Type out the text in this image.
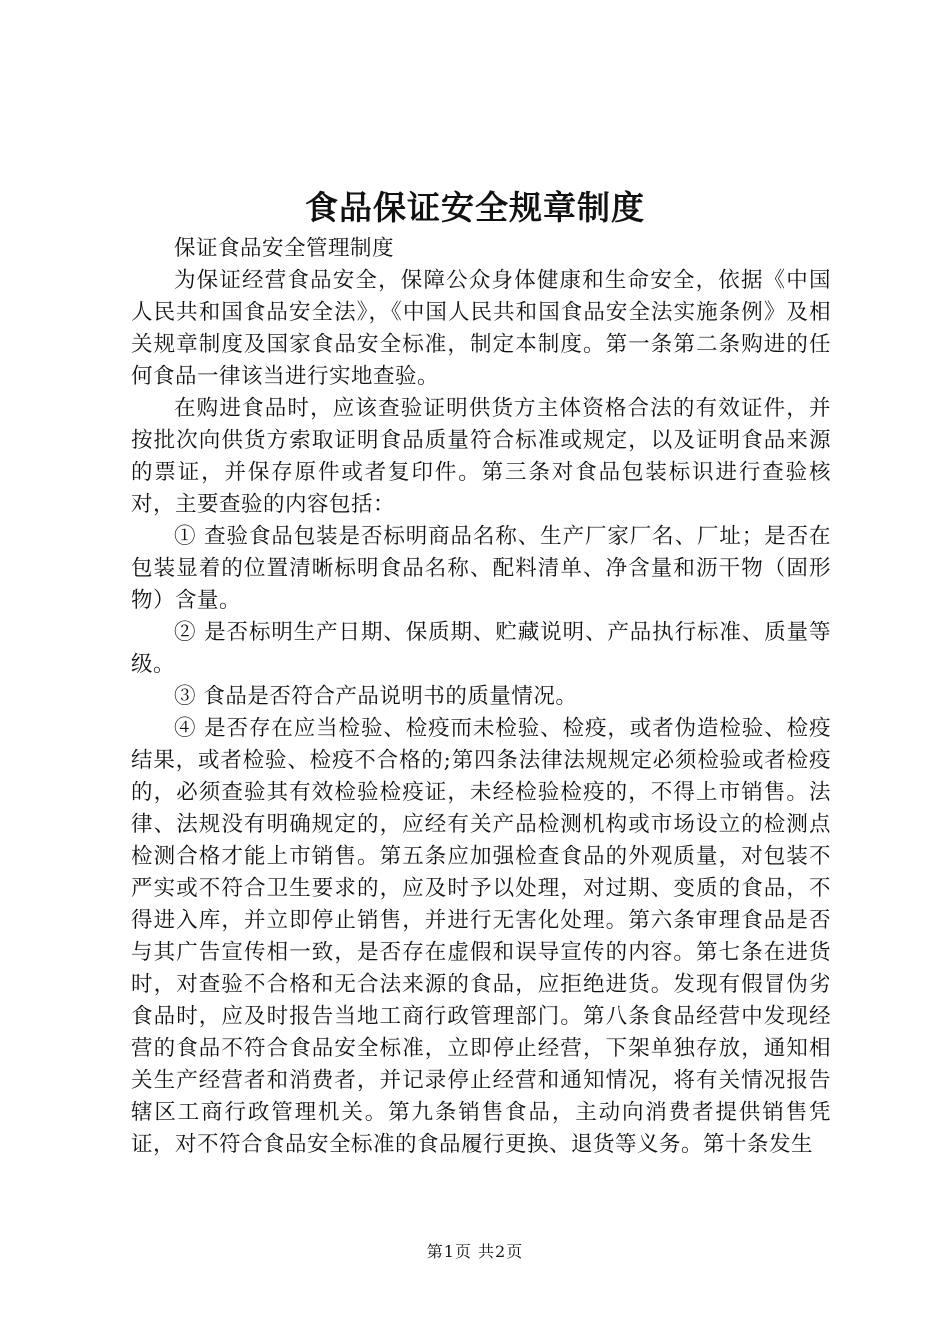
食品保证安全规章制度

保证食品安全管理制度

为保证经营食品安全，保障公众身体健康和生命安全，依据《中国人民共和国食品安全法》，《中国人民共和国食品安全法实施条例》及相关规章制度及国家食品安全标准，制定本制度。第一条第二条购进的任何食品一律该当进行实地查验。

在购进食品时，应该查验证明供货方主体资格合法的有效证件，并按批次向供货方索取证明食品质量符合标准或规定，以及证明食品来源的票证，并保存原件或者复印件。第三条对食品包装标识进行查验核对，主要查验的内容包括：

① 查验食品包装是否标明商品名称、生产厂家厂名、厂址；是否在包装显着的位置清晰标明食品名称、配料清单、净含量和沥干物（固形物）含量。

② 是否标明生产日期、保质期、贮藏说明、产品执行标准、质量等级。

③ 食品是否符合产品说明书的质量情况。

④ 是否存在应当检验、检疫而未检验、检疫，或者伪造检验、检疫结果，或者检验、检疫不合格的;第四条法律法规规定必须检验或者检疫的，必须查验其有效检验检疫证，未经检验检疫的，不得上市销售。法律、法规没有明确规定的，应经有关产品检测机构或市场设立的检测点检测合格才能上市销售。第五条应加强检查食品的外观质量，对包装不严实或不符合卫生要求的，应及时予以处理，对过期、变质的食品，不得进入库，并立即停止销售，并进行无害化处理。第六条审理食品是否与其广告宣传相一致，是否存在虚假和误导宣传的内容。第七条在进货时，对查验不合格和无合法来源的食品，应拒绝进货。发现有假冒伪劣食品时，应及时报告当地工商行政管理部门。第八条食品经营中发现经营的食品不符合食品安全标准，立即停止经营，下架单独存放，通知相关生产经营者和消费者，并记录停止经营和通知情况，将有关情况报告辖区工商行政管理机关。第九条销售食品，主动向消费者提供销售凭证，对不符合食品安全标准的食品履行更换、退货等义务。第十条发生

第1页 共2页
